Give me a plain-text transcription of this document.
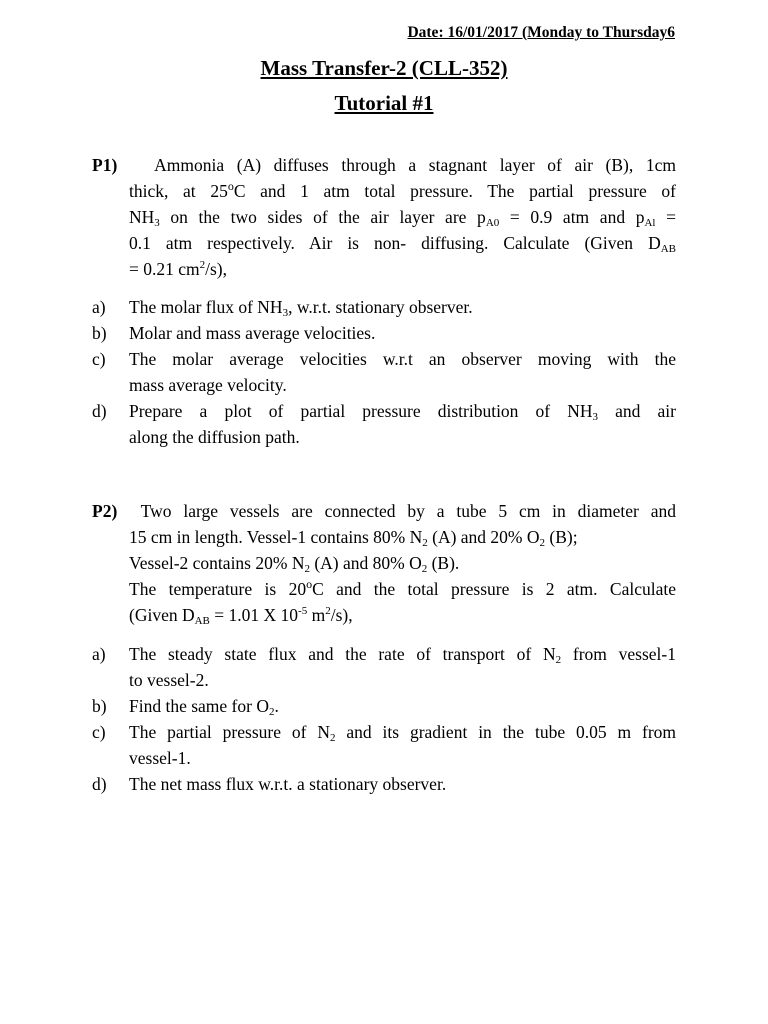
Date: 16/01/2017 (Monday to Thursday6
Mass Transfer-2 (CLL-352)
Tutorial #1
P1)   Ammonia (A) diffuses through a stagnant layer of air (B), 1cm
thick, at 25$^o$C and 1 atm total pressure. The partial pressure of
$NH_3$ on the two sides of the air layer are $p_{A0} = 0.9$ atm and $p_{Al}$ =
0.1 atm respectively. Air is non- diffusing. Calculate (Given $D_{AB}$
= 0.21 $cm^2/s$),
a) The molar flux of $NH_3$, w.r.t. stationary observer.
b) Molar and mass average velocities.
c) The molar average velocities w.r.t an observer moving with the
mass average velocity.
d) Prepare a plot of partial pressure distribution of $NH_3$ and air
along the diffusion path.
P2)  Two large vessels are connected by a tube 5 cm in diameter and
15 cm in length. Vessel-1 contains 80% $N_2$ (A) and 20% $O_2$ (B);
Vessel-2 contains 20% $N_2$ (A) and 80% $O_2$ (B).
The temperature is 20$^o$C and the total pressure is 2 atm. Calculate
(Given $D_{AB} = 1.01$ X $10^{-5}$ $m^2/s$),
a) The steady state flux and the rate of transport of $N_2$ from vessel-1
to vessel-2.
b) Find the same for $O_2$.
c) The partial pressure of $N_2$ and its gradient in the tube 0.05 m from
vessel-1.
d) The net mass flux w.r.t. a stationary observer.
